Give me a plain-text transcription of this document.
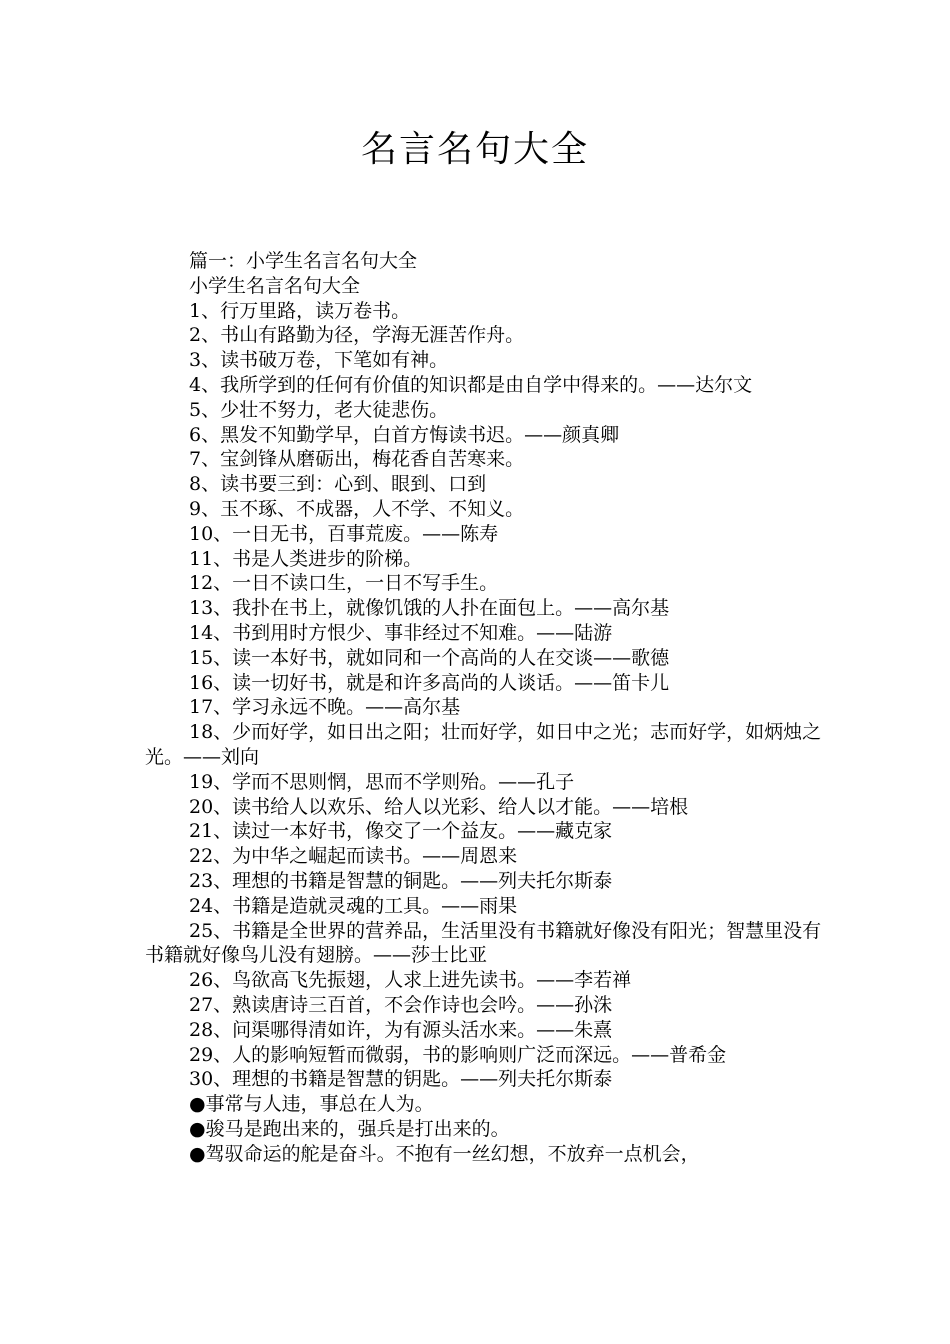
名言名句大全

篇一：小学生名言名句大全

小学生名言名句大全

1、行万里路，读万卷书。

2、书山有路勤为径，学海无涯苦作舟。

3、读书破万卷，下笔如有神。

4、我所学到的任何有价值的知识都是由自学中得来的。——达尔文

5、少壮不努力，老大徒悲伤。

6、黑发不知勤学早，白首方悔读书迟。——颜真卿

7、宝剑锋从磨砺出，梅花香自苦寒来。

8、读书要三到：心到、眼到、口到

9、玉不琢、不成器，人不学、不知义。

10、一日无书，百事荒废。——陈寿

11、书是人类进步的阶梯。

12、一日不读口生，一日不写手生。

13、我扑在书上，就像饥饿的人扑在面包上。——高尔基

14、书到用时方恨少、事非经过不知难。——陆游

15、读一本好书，就如同和一个高尚的人在交谈——歌德

16、读一切好书，就是和许多高尚的人谈话。——笛卡儿

17、学习永远不晚。——高尔基

18、少而好学，如日出之阳；壮而好学，如日中之光；志而好学，如炳烛之光。——刘向

19、学而不思则惘，思而不学则殆。——孔子

20、读书给人以欢乐、给人以光彩、给人以才能。——培根

21、读过一本好书，像交了一个益友。——藏克家

22、为中华之崛起而读书。——周恩来

23、理想的书籍是智慧的铜匙。——列夫托尔斯泰

24、书籍是造就灵魂的工具。——雨果

25、书籍是全世界的营养品，生活里没有书籍就好像没有阳光；智慧里没有书籍就好像鸟儿没有翅膀。——莎士比亚

26、鸟欲高飞先振翅，人求上进先读书。——李若禅

27、熟读唐诗三百首，不会作诗也会吟。——孙洙

28、问渠哪得清如许，为有源头活水来。——朱熹

29、人的影响短暂而微弱，书的影响则广泛而深远。——普希金

30、理想的书籍是智慧的钥匙。——列夫托尔斯泰

●事常与人违，事总在人为。

●骏马是跑出来的，强兵是打出来的。

●驾驭命运的舵是奋斗。不抱有一丝幻想，不放弃一点机会，
